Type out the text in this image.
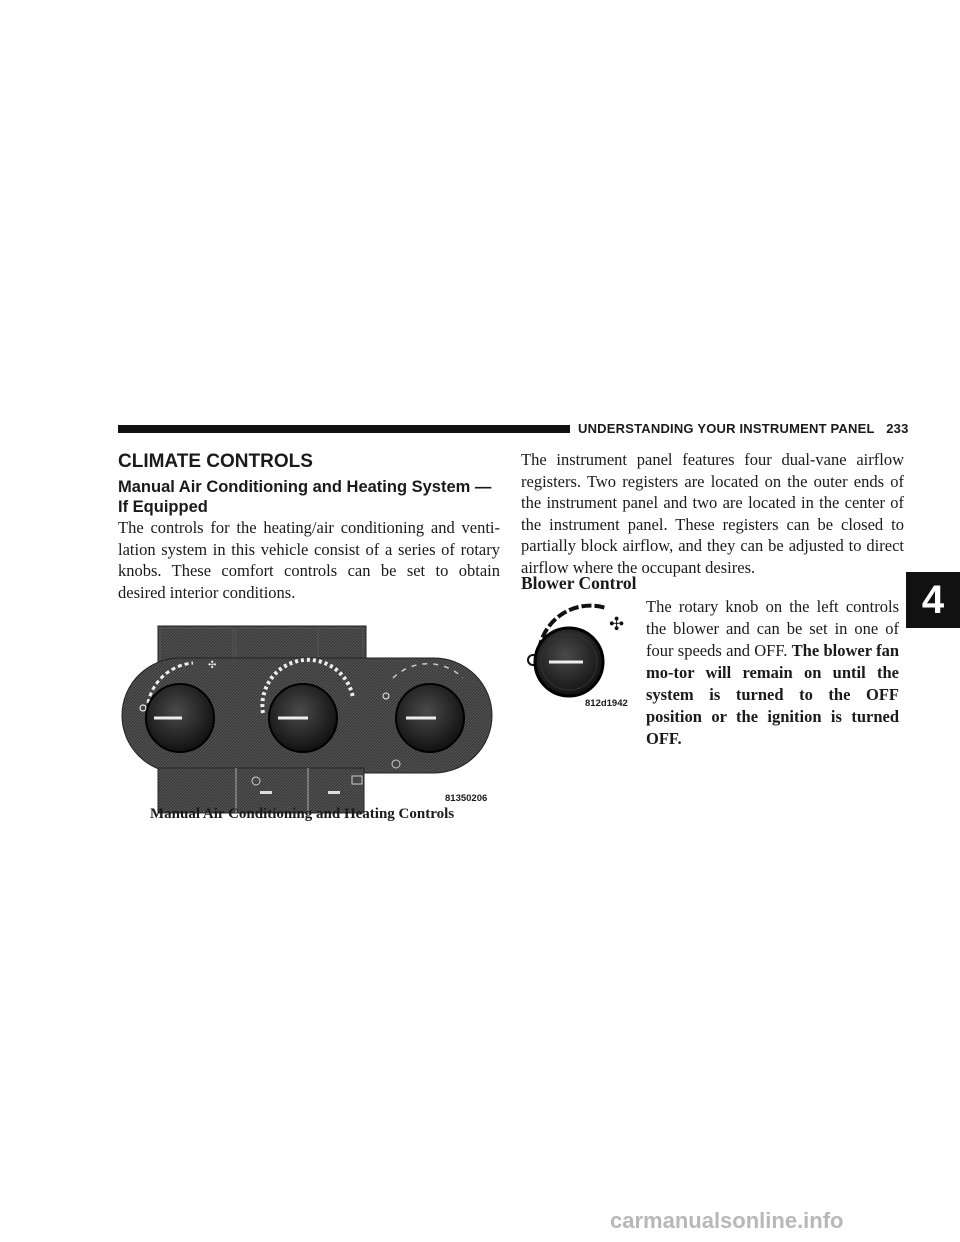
UNDERSTANDING YOUR INSTRUMENT PANEL 233
4
CLIMATE CONTROLS
Manual Air Conditioning and Heating System — If Equipped
The controls for the heating/air conditioning and venti-lation system in this vehicle consist of a series of rotary knobs. These comfort controls can be set to obtain desired interior conditions.
✣
81350206
Manual Air Conditioning and Heating Controls
The instrument panel features four dual-vane airflow registers. Two registers are located on the outer ends of the instrument panel and two are located in the center of the instrument panel. These registers can be closed to partially block airflow, and they can be adjusted to direct airflow where the occupant desires.
Blower Control
✣
812d1942
The rotary knob on the left controls the blower and can be set in one of four speeds and OFF. The blower fan mo-tor will remain on until the system is turned to the OFF position or the ignition is turned OFF.
carmanualsonline.info
